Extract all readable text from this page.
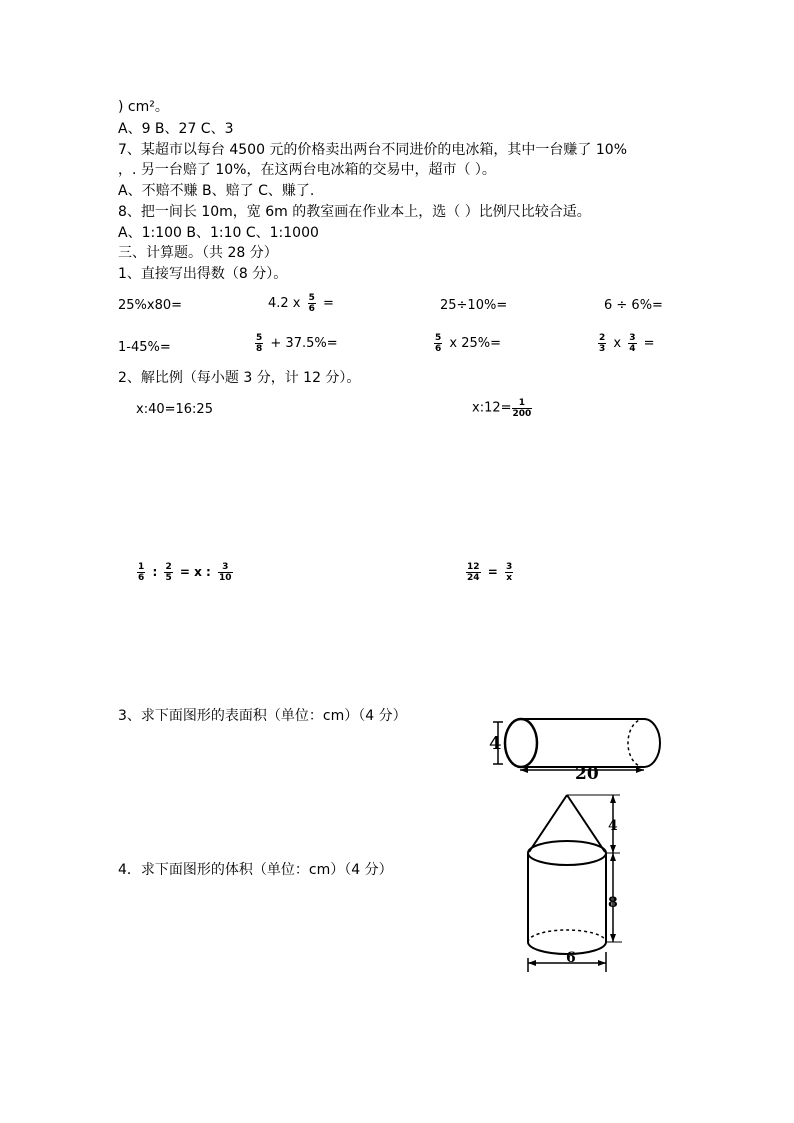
) cm²。
A、9 B、27 C、3
7、某超市以每台 4500 元的价格卖出两台不同进价的电冰箱，其中一台赚了 10%
，. 另一台赔了 10%，在这两台电冰箱的交易中，超市（ ）。
A、不赔不赚 B、赔了 C、赚了.
8、把一间长 10m，宽 6m 的教室画在作业本上，选（ ）比例尺比较合适。
A、1:100 B、1:10 C、1:1000
三、计算题。（共 28 分）
1、直接写出得数（8 分）。
25%x80=	4.2 x $\frac{5}{6}$ =	25÷10%=	6 ÷ 6%=
1-45%=	$\frac{5}{8} + 37.5\%=$	$\frac{5}{6}$ x 25%=	$\frac{2}{3}$ x $\frac{3}{4}$ =
2、解比例（每小题 3 分，计 12 分）。
x:40=16:25	x:12= $\frac{1}{200}$
$\frac{1}{6}$ : $\frac{2}{5} = x$ : $\frac{3}{10}$	$\frac{12}{24} = \frac{3}{x}$
3、求下面图形的表面积（单位：cm）（4 分）
4．求下面图形的体积（单位：cm）（4 分）
4
20
4
8
6
